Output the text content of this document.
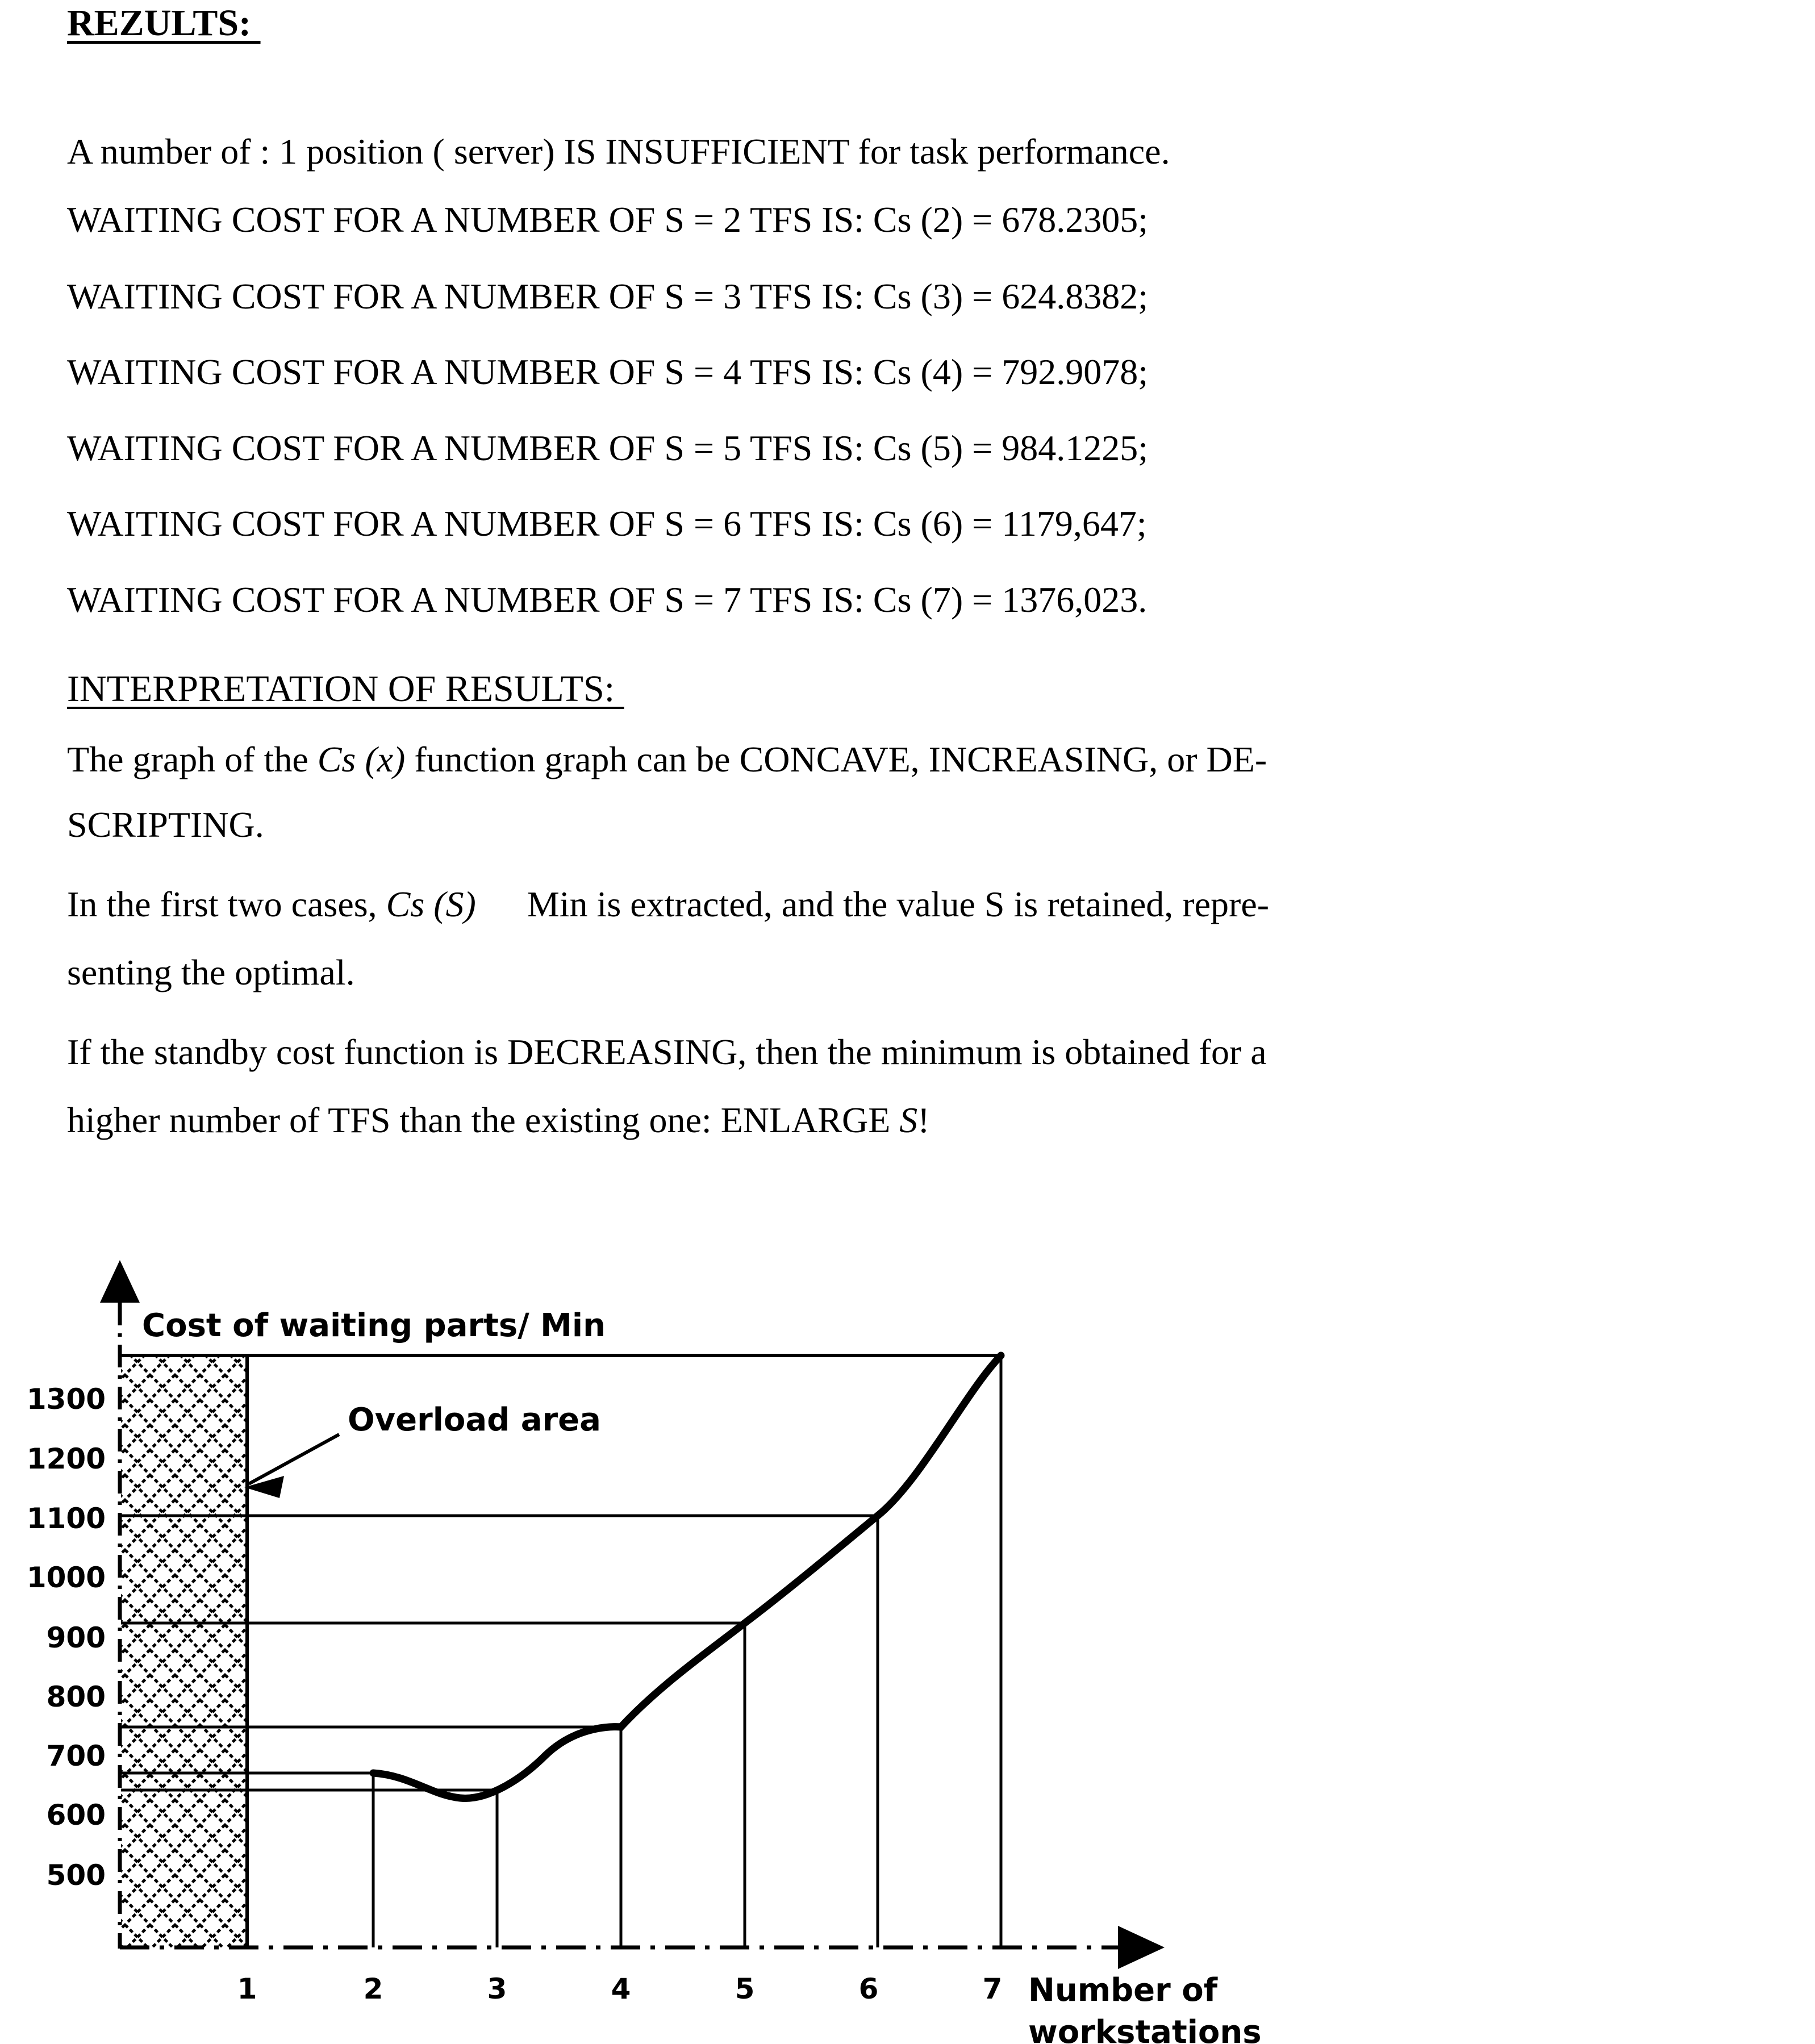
REZULTS:
A number of : 1 position ( server) IS INSUFFICIENT for task performance.
WAITING COST FOR A NUMBER OF S = 2 TFS IS: Cs (2) = 678.2305;
WAITING COST FOR A NUMBER OF S = 3 TFS IS: Cs (3) = 624.8382;
WAITING COST FOR A NUMBER OF S = 4 TFS IS: Cs (4) = 792.9078;
WAITING COST FOR A NUMBER OF S = 5 TFS IS: Cs (5) = 984.1225;
WAITING COST FOR A NUMBER OF S = 6 TFS IS: Cs (6) = 1179,647;
WAITING COST FOR A NUMBER OF S = 7 TFS IS: Cs (7) = 1376,023.
INTERPRETATION OF RESULTS:
The graph of the Cs (x) function graph can be CONCAVE, INCREASING, or DE-
SCRIPTING.
In the first two cases, Cs (S) Min is extracted, and the value S is retained, repre-
senting the optimal.
If the standby cost function is DECREASING, then the minimum is obtained for a
higher number of TFS than the existing one: ENLARGE S!
Overload area
Cost of waiting parts/ Min
1300
1200
1100
1000
900
800
700
600
500
1	2	3	4	5	6	7 Number of
workstations
